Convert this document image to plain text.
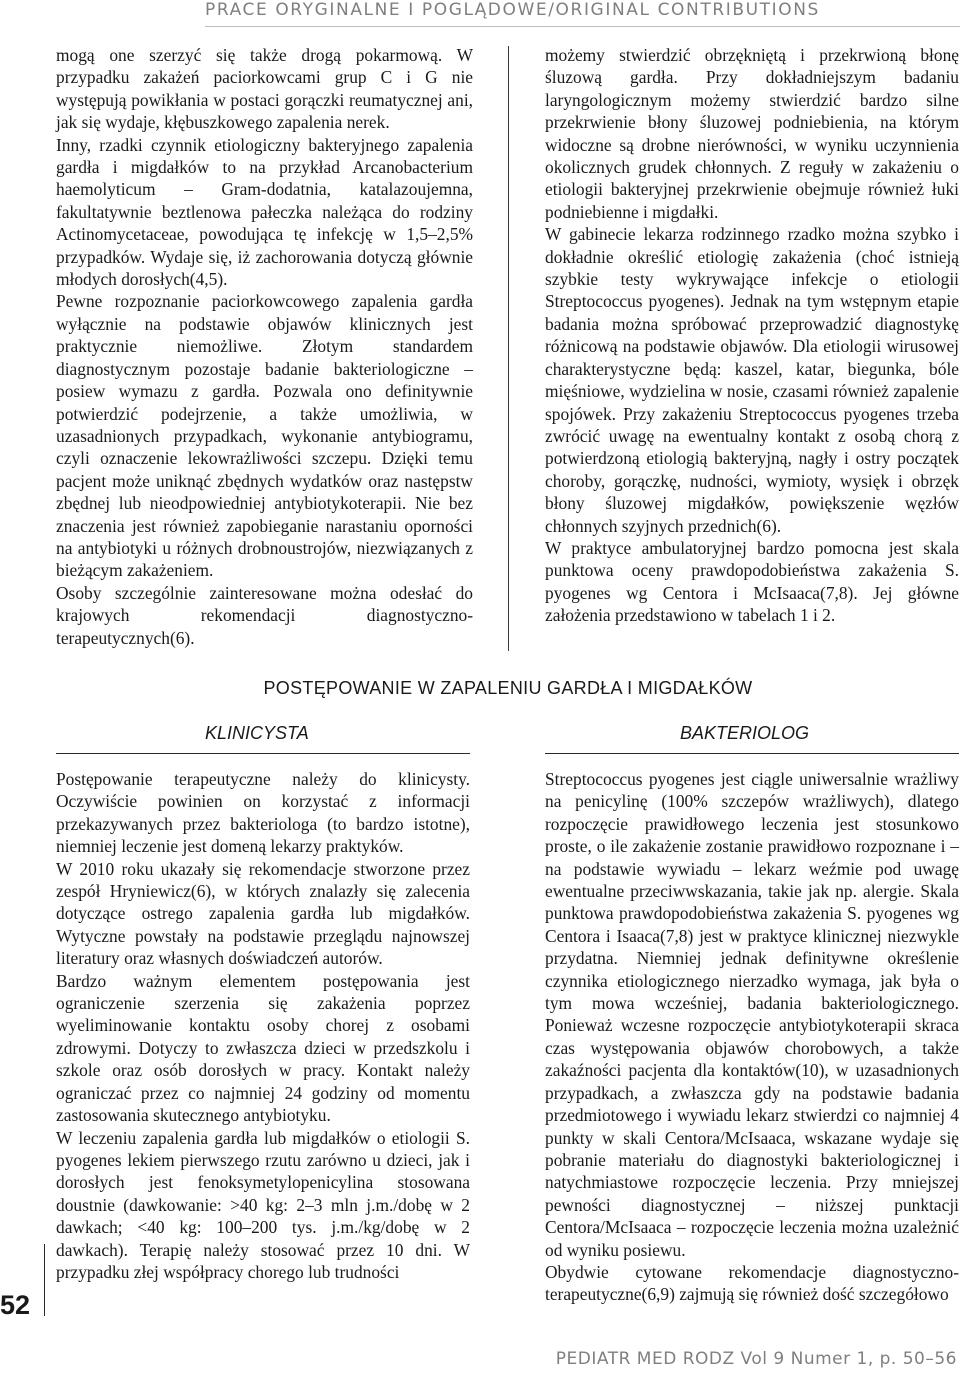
PRACE ORYGINALNE I POGLĄDOWE/ORIGINAL CONTRIBUTIONS

mogą one szerzyć się także drogą pokarmową. W przypadku zakażeń paciorkowcami grup C i G nie występują powikłania w postaci gorączki reumatycznej ani, jak się wydaje, kłębuszkowego zapalenia nerek.

Inny, rzadki czynnik etiologiczny bakteryjnego zapalenia gardła i migdałków to na przykład Arcanobacterium haemolyticum – Gram-dodatnia, katalazoujemna, fakultatywnie beztlenowa pałeczka należąca do rodziny Actinomycetaceae, powodująca tę infekcję w 1,5–2,5% przypadków. Wydaje się, iż zachorowania dotyczą głównie młodych dorosłych(4,5).

Pewne rozpoznanie paciorkowcowego zapalenia gardła wyłącznie na podstawie objawów klinicznych jest praktycznie niemożliwe. Złotym standardem diagnostycznym pozostaje badanie bakteriologiczne – posiew wymazu z gardła. Pozwala ono definitywnie potwierdzić podejrzenie, a także umożliwia, w uzasadnionych przypadkach, wykonanie antybiogramu, czyli oznaczenie lekowrażliwości szczepu. Dzięki temu pacjent może uniknąć zbędnych wydatków oraz następstw zbędnej lub nieodpowiedniej antybiotykoterapii. Nie bez znaczenia jest również zapobieganie narastaniu oporności na antybiotyki u różnych drobnoustrojów, niezwiązanych z bieżącym zakażeniem.

Osoby szczególnie zainteresowane można odesłać do krajowych rekomendacji diagnostyczno-terapeutycznych(6).

możemy stwierdzić obrzękniętą i przekrwioną błonę śluzową gardła. Przy dokładniejszym badaniu laryngologicznym możemy stwierdzić bardzo silne przekrwienie błony śluzowej podniebienia, na którym widoczne są drobne nierówności, w wyniku uczynnienia okolicznych grudek chłonnych. Z reguły w zakażeniu o etiologii bakteryjnej przekrwienie obejmuje również łuki podniebienne i migdałki.

W gabinecie lekarza rodzinnego rzadko można szybko i dokładnie określić etiologię zakażenia (choć istnieją szybkie testy wykrywające infekcje o etiologii Streptococcus pyogenes). Jednak na tym wstępnym etapie badania można spróbować przeprowadzić diagnostykę różnicową na podstawie objawów. Dla etiologii wirusowej charakterystyczne będą: kaszel, katar, biegunka, bóle mięśniowe, wydzielina w nosie, czasami również zapalenie spojówek. Przy zakażeniu Streptococcus pyogenes trzeba zwrócić uwagę na ewentualny kontakt z osobą chorą z potwierdzoną etiologią bakteryjną, nagły i ostry początek choroby, gorączkę, nudności, wymioty, wysięk i obrzęk błony śluzowej migdałków, powiększenie węzłów chłonnych szyjnych przednich(6).

W praktyce ambulatoryjnej bardzo pomocna jest skala punktowa oceny prawdopodobieństwa zakażenia S. pyogenes wg Centora i McIsaaca(7,8). Jej główne założenia przedstawiono w tabelach 1 i 2.

POSTĘPOWANIE W ZAPALENIU GARDŁA I MIGDAŁKÓW
KLINICYSTA	BAKTERIOLOG

Postępowanie terapeutyczne należy do klinicysty. Oczywiście powinien on korzystać z informacji przekazywanych przez bakteriologa (to bardzo istotne), niemniej leczenie jest domeną lekarzy praktyków.

W 2010 roku ukazały się rekomendacje stworzone przez zespół Hryniewicz(6), w których znalazły się zalecenia dotyczące ostrego zapalenia gardła lub migdałków. Wytyczne powstały na podstawie przeglądu najnowszej literatury oraz własnych doświadczeń autorów.

Bardzo ważnym elementem postępowania jest ograniczenie szerzenia się zakażenia poprzez wyeliminowanie kontaktu osoby chorej z osobami zdrowymi. Dotyczy to zwłaszcza dzieci w przedszkolu i szkole oraz osób dorosłych w pracy. Kontakt należy ograniczać przez co najmniej 24 godziny od momentu zastosowania skutecznego antybiotyku.

W leczeniu zapalenia gardła lub migdałków o etiologii S. pyogenes lekiem pierwszego rzutu zarówno u dzieci, jak i dorosłych jest fenoksymetylopenicylina stosowana doustnie (dawkowanie: >40 kg: 2–3 mln j.m./dobę w 2 dawkach; <40 kg: 100–200 tys. j.m./kg/dobę w 2 dawkach). Terapię należy stosować przez 10 dni. W przypadku złej współpracy chorego lub trudności

Streptococcus pyogenes jest ciągle uniwersalnie wrażliwy na penicylinę (100% szczepów wrażliwych), dlatego rozpoczęcie prawidłowego leczenia jest stosunkowo proste, o ile zakażenie zostanie prawidłowo rozpoznane i – na podstawie wywiadu – lekarz weźmie pod uwagę ewentualne przeciwwskazania, takie jak np. alergie. Skala punktowa prawdopodobieństwa zakażenia S. pyogenes wg Centora i Isaaca(7,8) jest w praktyce klinicznej niezwykle przydatna. Niemniej jednak definitywne określenie czynnika etiologicznego nierzadko wymaga, jak była o tym mowa wcześniej, badania bakteriologicznego. Ponieważ wczesne rozpoczęcie antybiotykoterapii skraca czas występowania objawów chorobowych, a także zakaźności pacjenta dla kontaktów(10), w uzasadnionych przypadkach, a zwłaszcza gdy na podstawie badania przedmiotowego i wywiadu lekarz stwierdzi co najmniej 4 punkty w skali Centora/McIsaaca, wskazane wydaje się pobranie materiału do diagnostyki bakteriologicznej i natychmiastowe rozpoczęcie leczenia. Przy mniejszej pewności diagnostycznej – niższej punktacji Centora/McIsaaca – rozpoczęcie leczenia można uzależnić od wyniku posiewu.

Obydwie cytowane rekomendacje diagnostyczno-terapeutyczne(6,9) zajmują się również dość szczegółowo

52
PEDIATR MED RODZ Vol 9 Numer 1, p. 50–56
